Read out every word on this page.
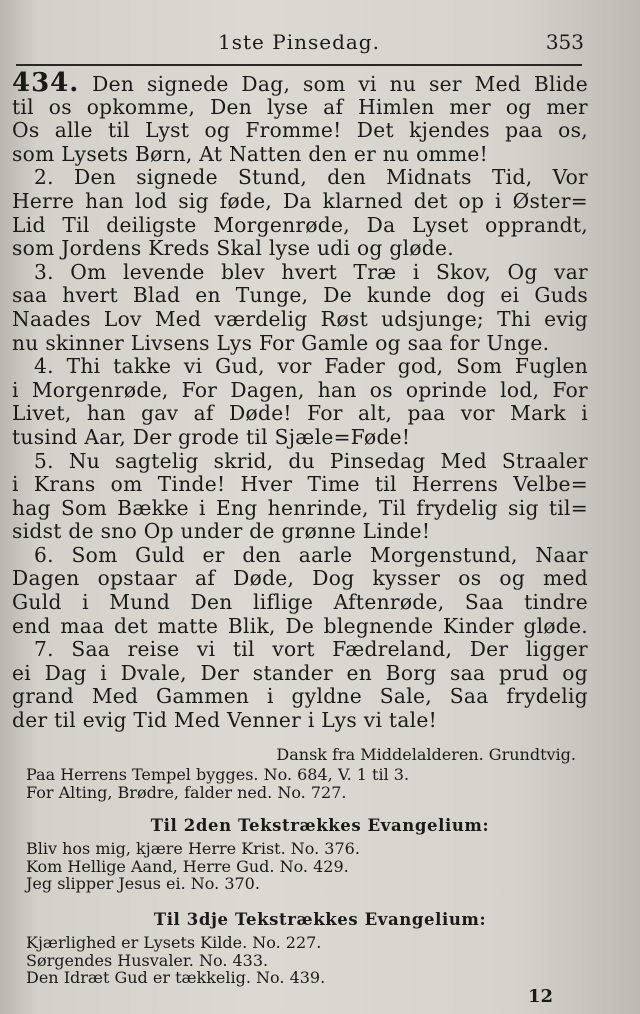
1ste Pinsedag.	353
434. Den signede Dag, som vi nu ser Med Blide
til os opkomme, Den lyse af Himlen mer og mer
Os alle til Lyst og Fromme! Det kjendes paa os,
som Lysets Børn, At Natten den er nu omme!
2. Den signede Stund, den Midnats Tid, Vor
Herre han lod sig føde, Da klarned det op i Øster=
Lid Til deiligste Morgenrøde, Da Lyset opprandt,
som Jordens Kreds Skal lyse udi og gløde.
3. Om levende blev hvert Træ i Skov, Og var
saa hvert Blad en Tunge, De kunde dog ei Guds
Naades Lov Med værdelig Røst udsjunge; Thi evig
nu skinner Livsens Lys For Gamle og saa for Unge.
4. Thi takke vi Gud, vor Fader god, Som Fuglen
i Morgenrøde, For Dagen, han os oprinde lod, For
Livet, han gav af Døde! For alt, paa vor Mark i
tusind Aar, Der grode til Sjæle=Føde!
5. Nu sagtelig skrid, du Pinsedag Med Straaler
i Krans om Tinde! Hver Time til Herrens Velbe=
hag Som Bække i Eng henrinde, Til frydelig sig til=
sidst de sno Op under de grønne Linde!
6. Som Guld er den aarle Morgenstund, Naar
Dagen opstaar af Døde, Dog kysser os og med
Guld i Mund Den liflige Aftenrøde, Saa tindre
end maa det matte Blik, De blegnende Kinder gløde.
7. Saa reise vi til vort Fædreland, Der ligger
ei Dag i Dvale, Der stander en Borg saa prud og
grand Med Gammen i gyldne Sale, Saa frydelig
der til evig Tid Med Venner i Lys vi tale!
Dansk fra Middelalderen. Grundtvig.
Paa Herrens Tempel bygges. No. 684, V. 1 til 3.
For Alting, Brødre, falder ned. No. 727.
Til 2den Tekstrækkes Evangelium:
Bliv hos mig, kjære Herre Krist. No. 376.
Kom Hellige Aand, Herre Gud. No. 429.
Jeg slipper Jesus ei. No. 370.
Til 3dje Tekstrækkes Evangelium:
Kjærlighed er Lysets Kilde. No. 227.
Sørgendes Husvaler. No. 433.
Den Idræt Gud er tækkelig. No. 439.
12
